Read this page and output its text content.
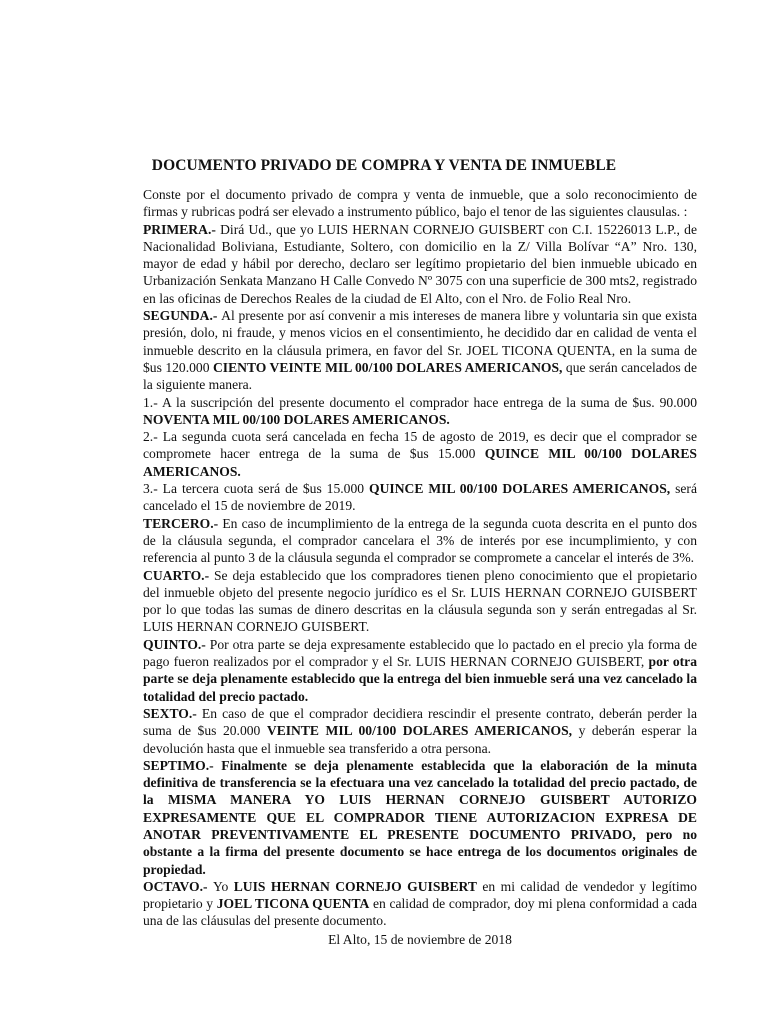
DOCUMENTO PRIVADO DE COMPRA Y VENTA DE INMUEBLE

Conste por el documento privado de compra y venta de inmueble, que a solo reconocimiento de firmas y rubricas podrá ser elevado a instrumento público, bajo el tenor de las siguientes clausulas. :

PRIMERA.- Dirá Ud., que yo LUIS HERNAN CORNEJO GUISBERT con C.I. 15226013 L.P., de Nacionalidad Boliviana, Estudiante, Soltero, con domicilio en la Z/ Villa Bolívar “A” Nro. 130, mayor de edad y hábil por derecho, declaro ser legítimo propietario del bien inmueble ubicado en Urbanización Senkata Manzano H Calle Convedo Nº 3075 con una superficie de 300 mts2, registrado en las oficinas de Derechos Reales de la ciudad de El Alto, con el Nro. de Folio Real Nro.

SEGUNDA.- Al presente por así convenir a mis intereses de manera libre y voluntaria sin que exista presión, dolo, ni fraude, y menos vicios en el consentimiento, he decidido dar en calidad de venta el inmueble descrito en la cláusula primera, en favor del Sr. JOEL TICONA QUENTA, en la suma de $us 120.000 CIENTO VEINTE MIL 00/100 DOLARES AMERICANOS, que serán cancelados de la siguiente manera.

1.- A la suscripción del presente documento el comprador hace entrega de la suma de $us. 90.000 NOVENTA MIL 00/100 DOLARES AMERICANOS.

2.- La segunda cuota será cancelada en fecha 15 de agosto de 2019, es decir que el comprador se compromete hacer entrega de la suma de $us 15.000 QUINCE MIL 00/100 DOLARES AMERICANOS.

3.- La tercera cuota será de $us 15.000 QUINCE MIL 00/100 DOLARES AMERICANOS, será cancelado el 15 de noviembre de 2019.

TERCERO.- En caso de incumplimiento de la entrega de la segunda cuota descrita en el punto dos de la cláusula segunda, el comprador cancelara el 3% de interés por ese incumplimiento, y con referencia al punto 3 de la cláusula segunda el comprador se compromete a cancelar el interés de 3%.

CUARTO.- Se deja establecido que los compradores tienen pleno conocimiento que el propietario del inmueble objeto del presente negocio jurídico es el Sr. LUIS HERNAN CORNEJO GUISBERT por lo que todas las sumas de dinero descritas en la cláusula segunda son y serán entregadas al Sr. LUIS HERNAN CORNEJO GUISBERT.

QUINTO.- Por otra parte se deja expresamente establecido que lo pactado en el precio yla forma de pago fueron realizados por el comprador y el Sr. LUIS HERNAN CORNEJO GUISBERT, por otra parte se deja plenamente establecido que la entrega del bien inmueble será una vez cancelado la totalidad del precio pactado.

SEXTO.- En caso de que el comprador decidiera rescindir el presente contrato, deberán perder la suma de $us 20.000 VEINTE MIL 00/100 DOLARES AMERICANOS, y deberán esperar la devolución hasta que el inmueble sea transferido a otra persona.

SEPTIMO.- Finalmente se deja plenamente establecida que la elaboración de la minuta definitiva de transferencia se la efectuara una vez cancelado la totalidad del precio pactado, de la MISMA MANERA YO LUIS HERNAN CORNEJO GUISBERT AUTORIZO EXPRESAMENTE QUE EL COMPRADOR TIENE AUTORIZACION EXPRESA DE ANOTAR PREVENTIVAMENTE EL PRESENTE DOCUMENTO PRIVADO, pero no obstante a la firma del presente documento se hace entrega de los documentos originales de propiedad.

OCTAVO.- Yo LUIS HERNAN CORNEJO GUISBERT en mi calidad de vendedor y legítimo propietario y JOEL TICONA QUENTA en calidad de comprador, doy mi plena conformidad a cada una de las cláusulas del presente documento.

El Alto, 15 de noviembre de 2018
